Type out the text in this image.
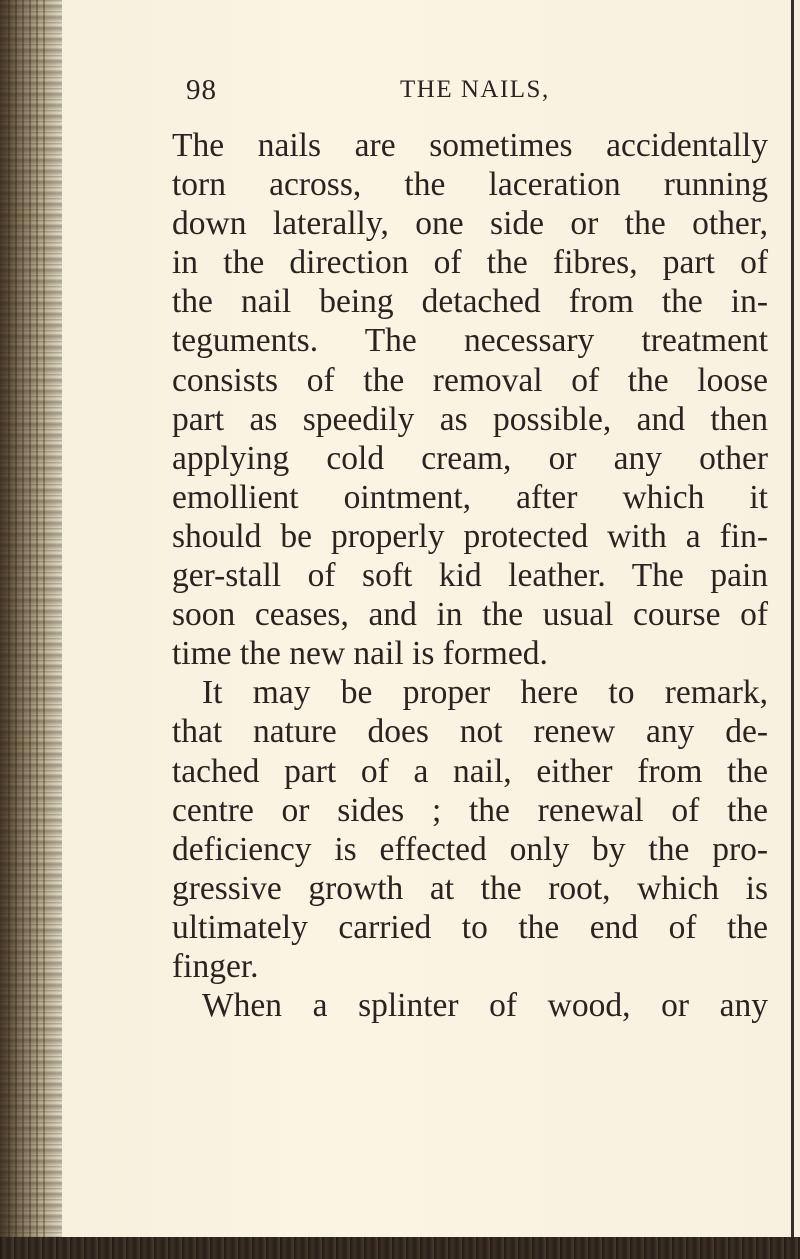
98	THE NAILS,
The nails are sometimes accidentally
torn across, the laceration running
down laterally, one side or the other,
in the direction of the fibres, part of
the nail being detached from the in-
teguments. The necessary treatment
consists of the removal of the loose
part as speedily as possible, and then
applying cold cream, or any other
emollient ointment, after which it
should be properly protected with a fin-
ger-stall of soft kid leather. The pain
soon ceases, and in the usual course of
time the new nail is formed.
It may be proper here to remark,
that nature does not renew any de-
tached part of a nail, either from the
centre or sides ; the renewal of the
deficiency is effected only by the pro-
gressive growth at the root, which is
ultimately carried to the end of the
finger.
When a splinter of wood, or any
